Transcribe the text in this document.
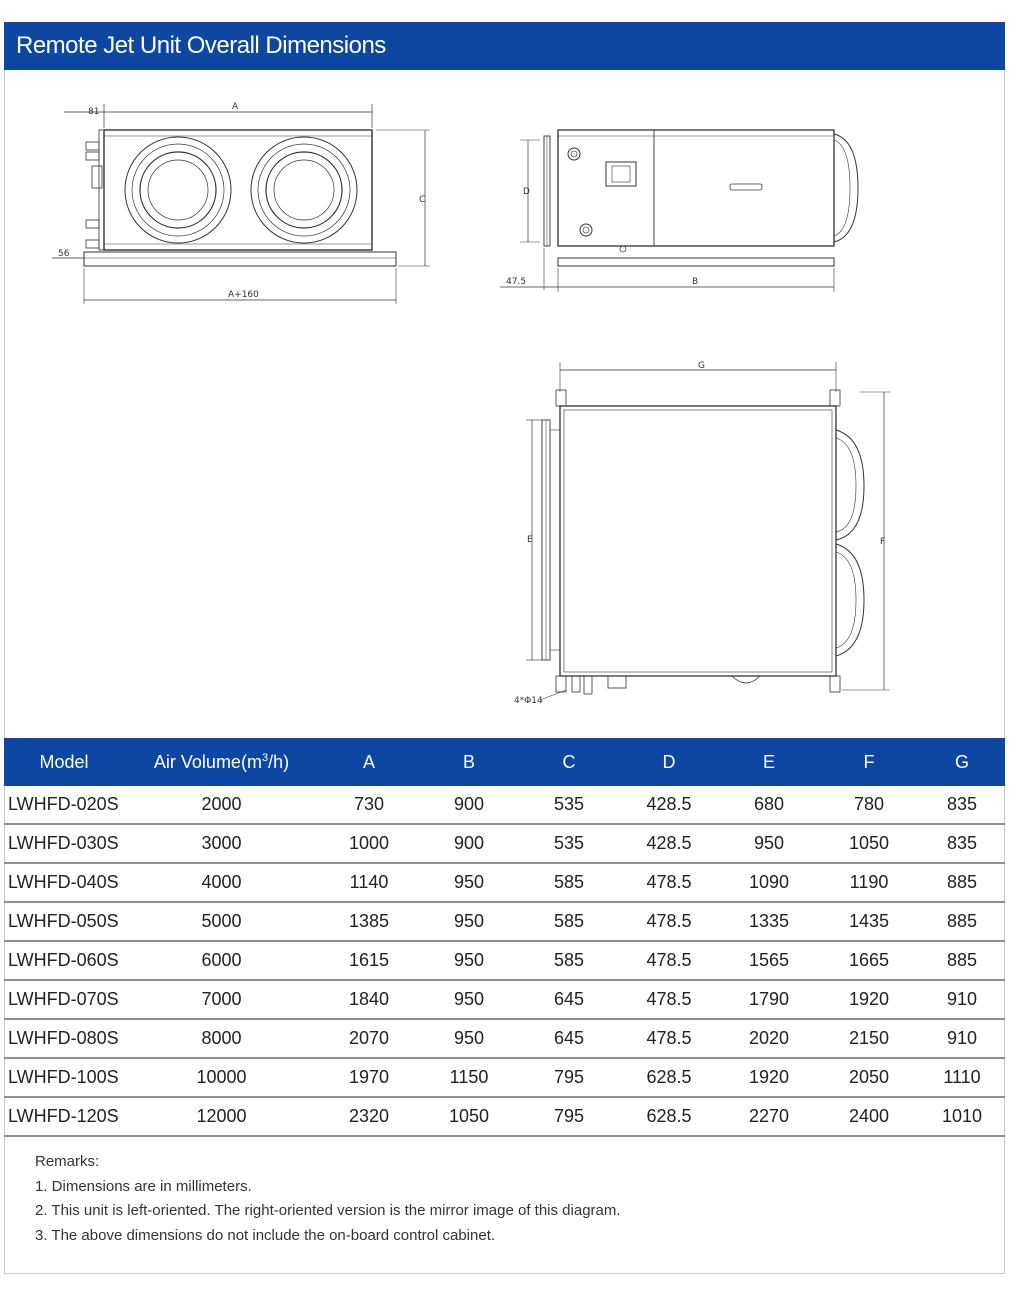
Remote Jet Unit Overall Dimensions
81	A
56
C
A+160
D
47.5	B
G
E	F
4*Φ14
Model	Air $Volume(m^3/h)$	A	B	C	D	E	F	G
LWHFD-020S	2000	730	900	535	428.5	680	780	835
LWHFD-030S	3000	1000	900	535	428.5	950	1050	835
LWHFD-040S	4000	1140	950	585	478.5	1090	1190	885
LWHFD-050S	5000	1385	950	585	478.5	1335	1435	885
LWHFD-060S	6000	1615	950	585	478.5	1565	1665	885
LWHFD-070S	7000	1840	950	645	478.5	1790	1920	910
LWHFD-080S	8000	2070	950	645	478.5	2020	2150	910
LWHFD-100S	10000	1970	1150	795	628.5	1920	2050	1110
LWHFD-120S	12000	2320	1050	795	628.5	2270	2400	1010
Remarks:
1. Dimensions are in millimeters.
2. This unit is left-oriented. The right-oriented version is the mirror image of this diagram.
3. The above dimensions do not include the on-board control cabinet.
